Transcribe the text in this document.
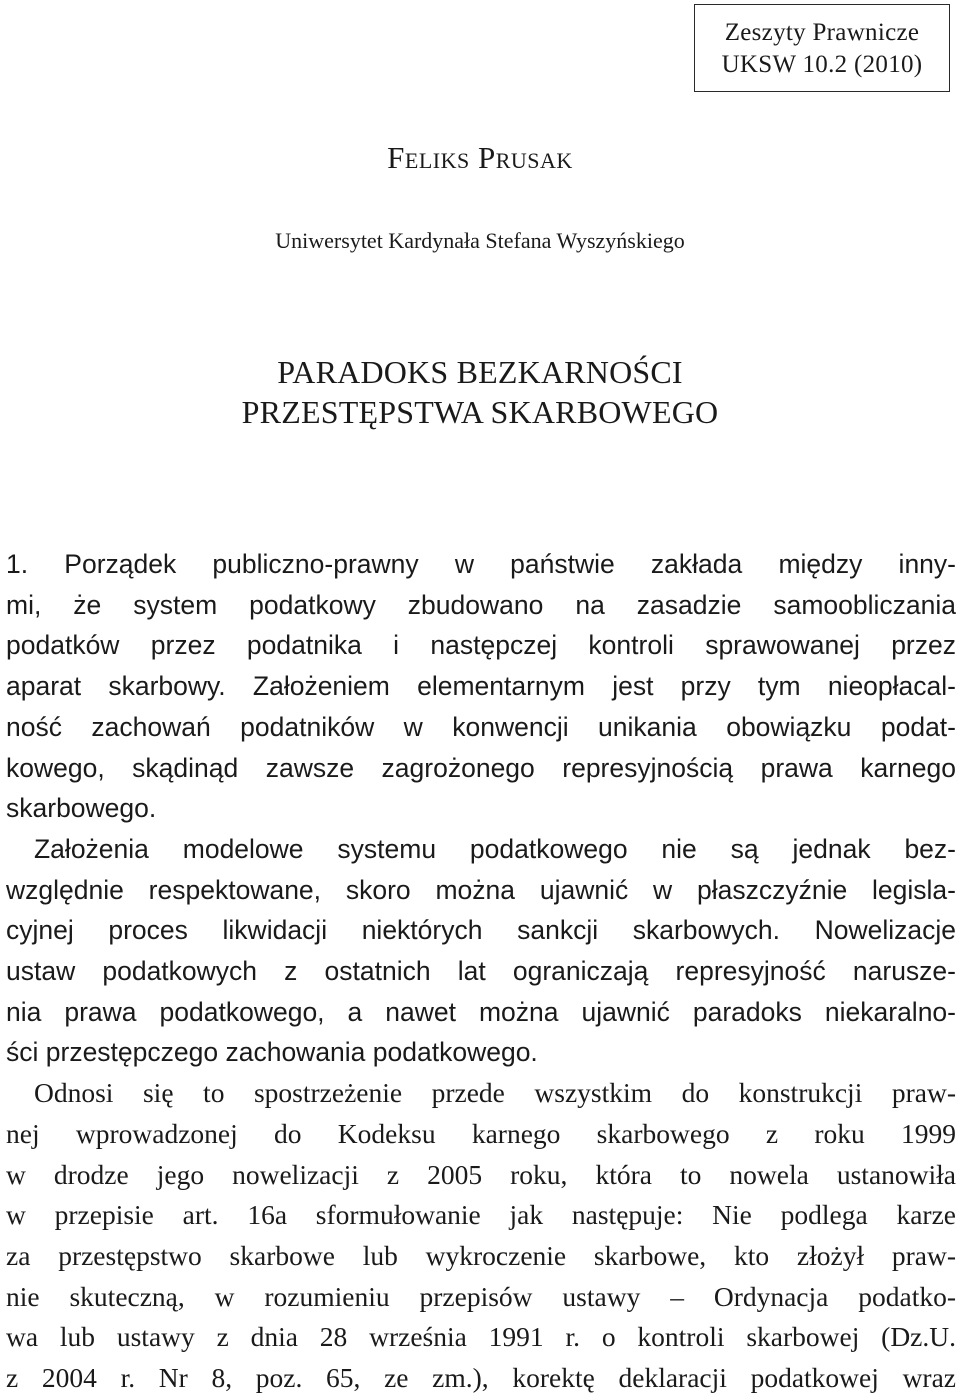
Zeszyty Prawnicze
UKSW 10.2 (2010)
Feliks Prusak
Uniwersytet Kardynała Stefana Wyszyńskiego
PARADOKS BEZKARNOŚCI
PRZESTĘPSTWA SKARBOWEGO
1. Porządek publiczno-prawny w państwie zakłada między inny-
mi, że system podatkowy zbudowano na zasadzie samoobliczania
podatków przez podatnika i następczej kontroli sprawowanej przez
aparat skarbowy. Założeniem elementarnym jest przy tym nieopłacal-
ność zachowań podatników w konwencji unikania obowiązku podat-
kowego, skądinąd zawsze zagrożonego represyjnością prawa karnego
skarbowego.
Założenia modelowe systemu podatkowego nie są jednak bez-
względnie respektowane, skoro można ujawnić w płaszczyźnie legisla-
cyjnej proces likwidacji niektórych sankcji skarbowych. Nowelizacje
ustaw podatkowych z ostatnich lat ograniczają represyjność narusze-
nia prawa podatkowego, a nawet można ujawnić paradoks niekaralno-
ści przestępczego zachowania podatkowego.
Odnosi się to spostrzeżenie przede wszystkim do konstrukcji praw-
nej wprowadzonej do Kodeksu karnego skarbowego z roku 1999
w drodze jego nowelizacji z 2005 roku, która to nowela ustanowiła
w przepisie art. 16a sformułowanie jak następuje: Nie podlega karze
za przestępstwo skarbowe lub wykroczenie skarbowe, kto złożył praw-
nie skuteczną, w rozumieniu przepisów ustawy – Ordynacja podatko-
wa lub ustawy z dnia 28 września 1991 r. o kontroli skarbowej (Dz.U.
z 2004 r. Nr 8, poz. 65, ze zm.), korektę deklaracji podatkowej wraz
